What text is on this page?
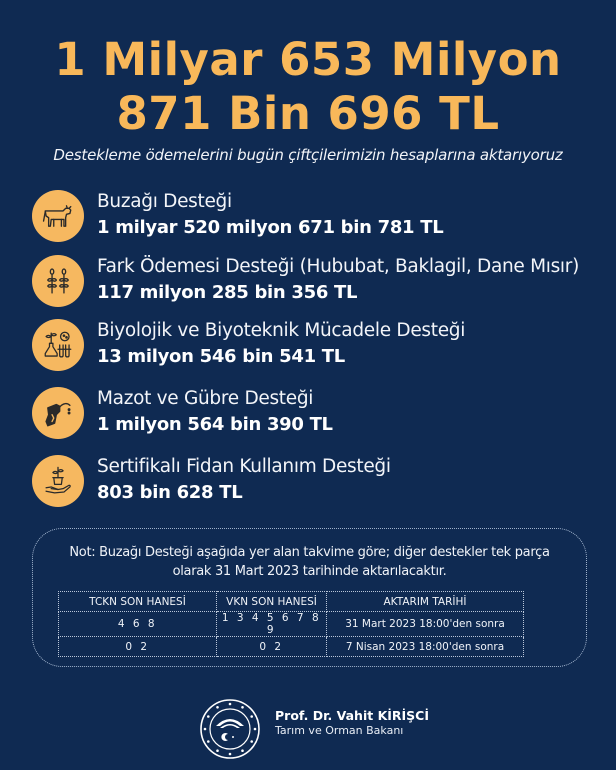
1 Milyar 653 Milyon
871 Bin 696 TL
Destekleme ödemelerini bugün çiftçilerimizin hesaplarına aktarıyoruz
Buzağı Desteği
1 milyar 520 milyon 671 bin 781 TL
Fark Ödemesi Desteği (Hububat, Baklagil, Dane Mısır)
117 milyon 285 bin 356 TL
Biyolojik ve Biyoteknik Mücadele Desteği
13 milyon 546 bin 541 TL
Mazot ve Gübre Desteği
1 milyon 564 bin 390 TL
Sertifikalı Fidan Kullanım Desteği
803 bin 628 TL
Not: Buzağı Desteği aşağıda yer alan takvime göre; diğer destekler tek parça
olarak 31 Mart 2023 tarihinde aktarılacaktır.
TCKN SON HANESİ	VKN SON HANESİ	AKTARIM TARİHİ
4 6 8	1 3 4 5 6 7 8 9	31 Mart 2023 18:00'den sonra
0 2	0 2	7 Nisan 2023 18:00'den sonra
Prof. Dr. Vahit KİRİŞCİ
Tarım ve Orman Bakanı
